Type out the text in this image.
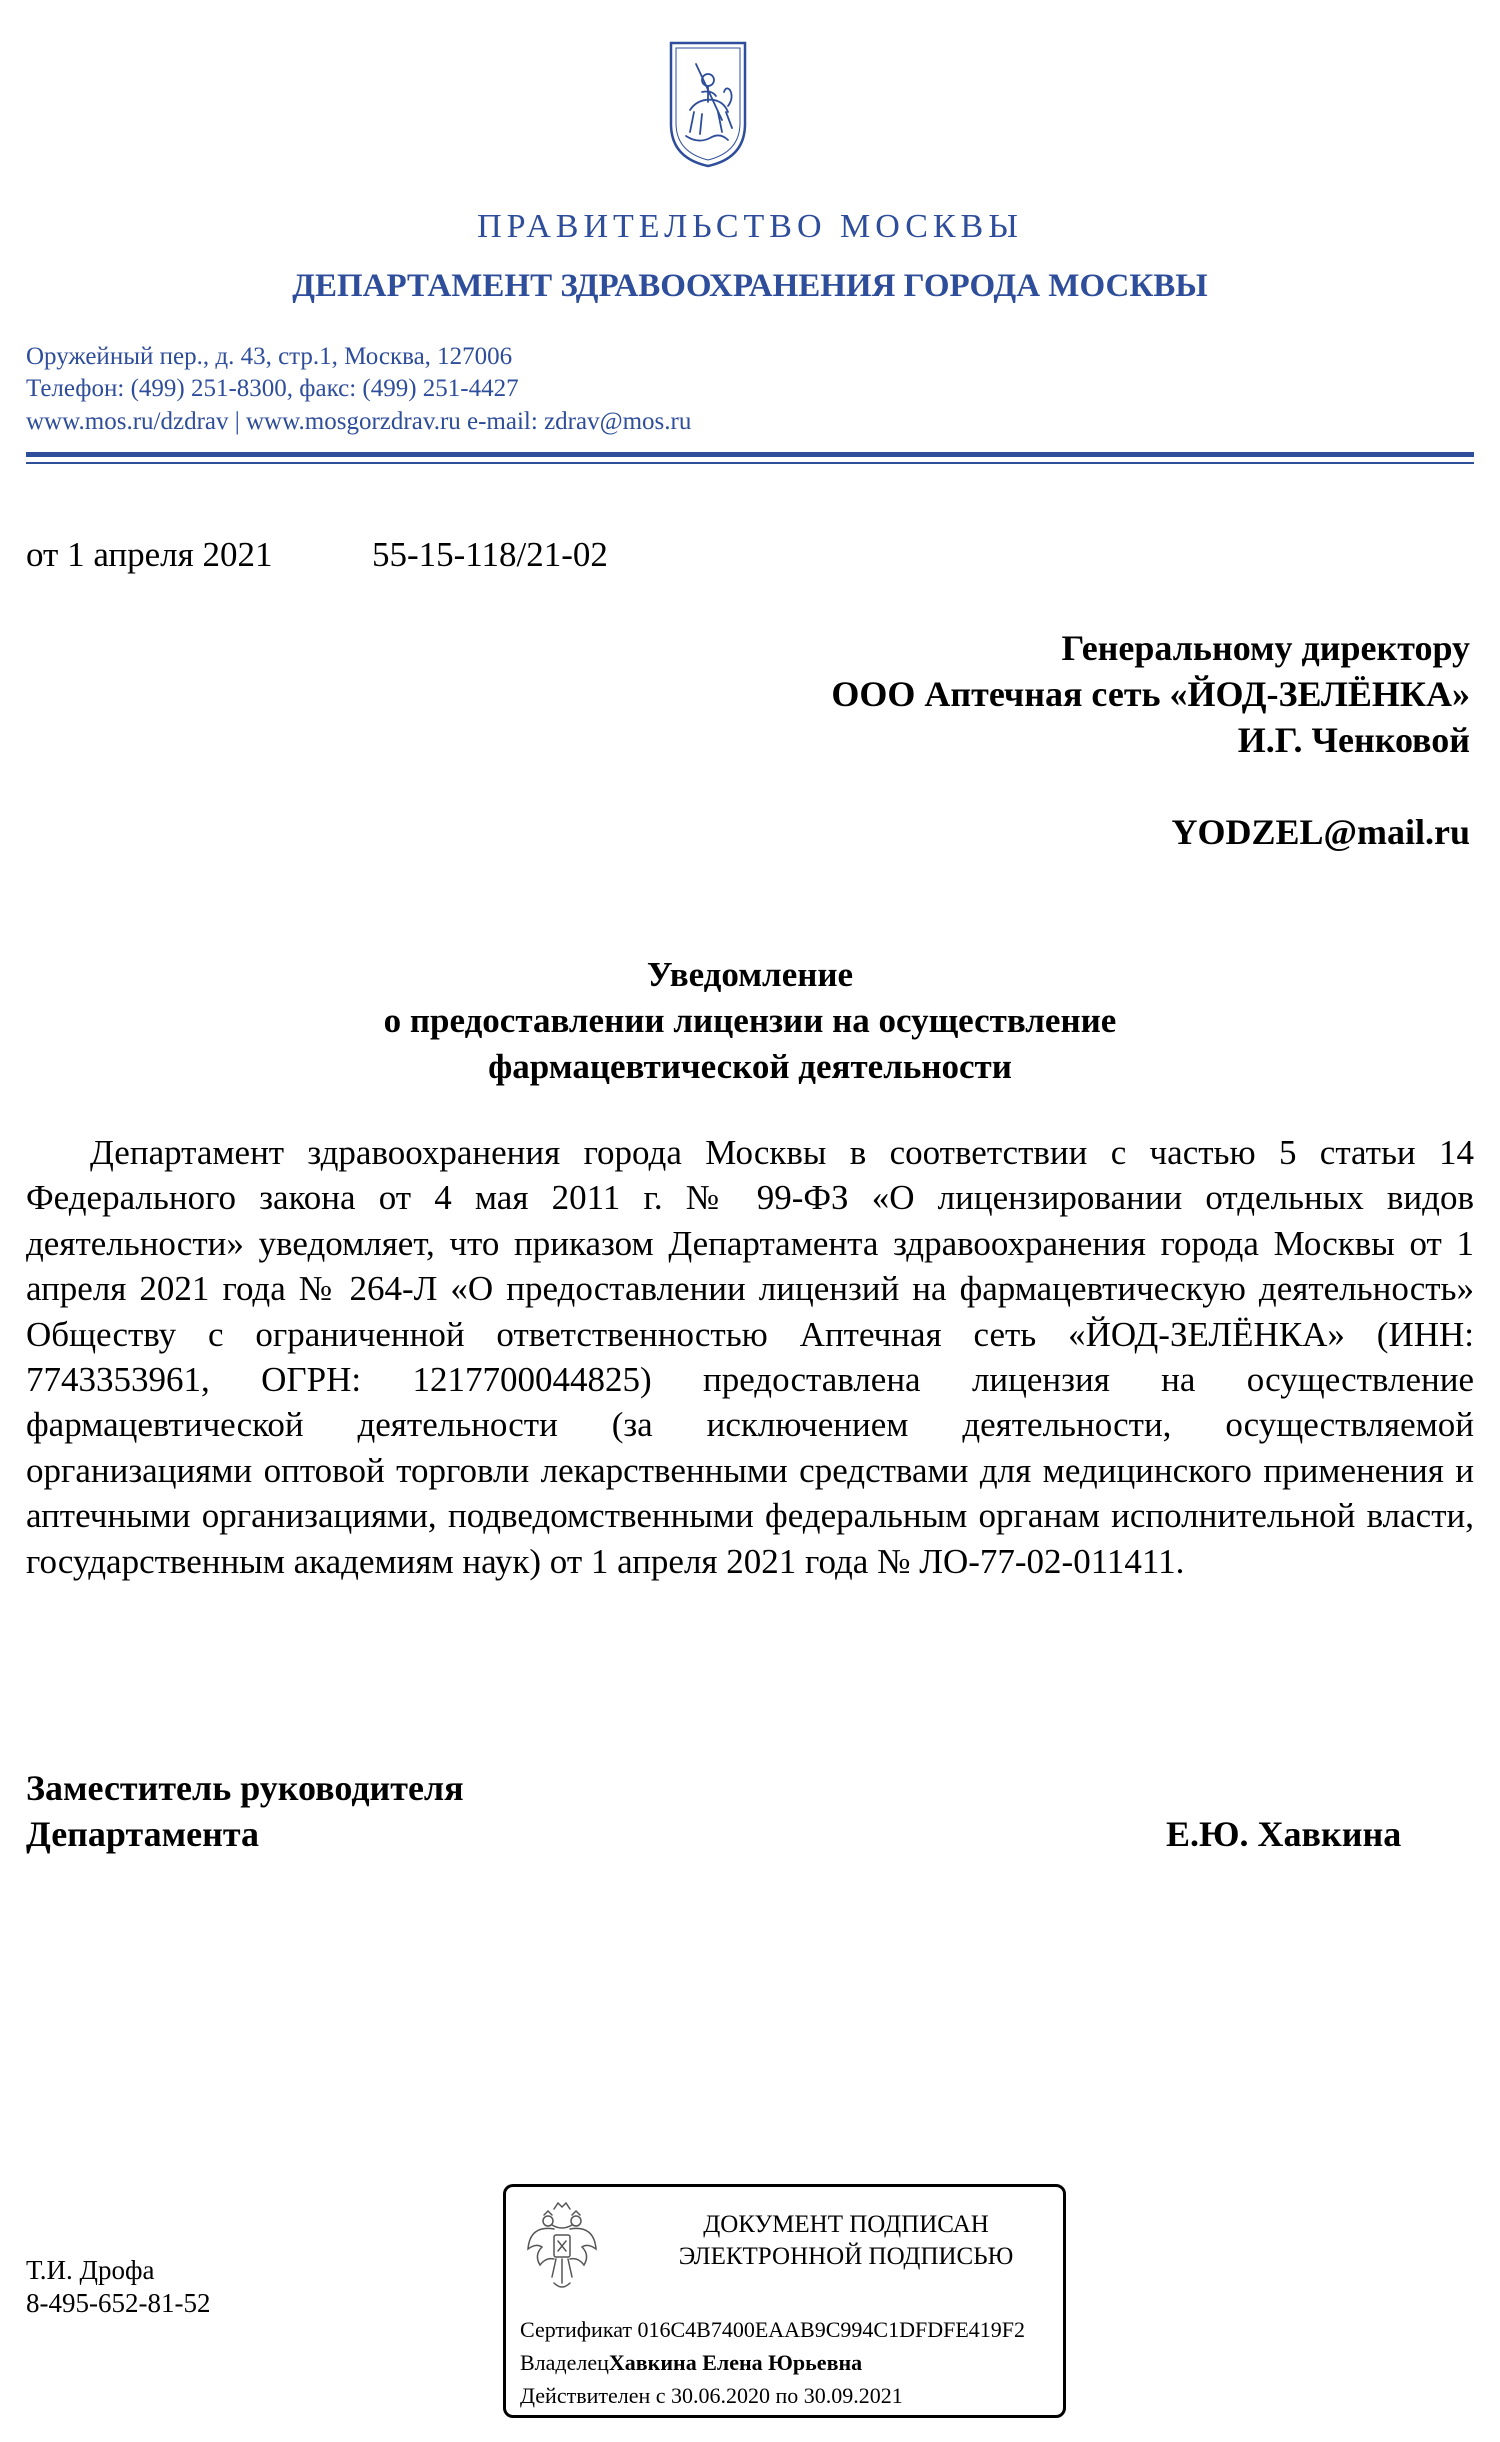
ПРАВИТЕЛЬСТВО МОСКВЫ
ДЕПАРТАМЕНТ ЗДРАВООХРАНЕНИЯ ГОРОДА МОСКВЫ
Оружейный пер., д. 43, стр.1, Москва, 127006
Телефон: (499) 251-8300, факс: (499) 251-4427
www.mos.ru/dzdrav | www.mosgorzdrav.ru e-mail: zdrav@mos.ru
от 1 апреля 2021	55-15-118/21-02
Генеральному директору
ООО Аптечная сеть «ЙОД-ЗЕЛЁНКА»
И.Г. Ченковой
YODZEL@mail.ru
Уведомление
о предоставлении лицензии на осуществление
фармацевтической деятельности

Департамент здравоохранения города Москвы в соответствии с частью 5 статьи 14 Федерального закона от 4 мая 2011 г. № 99-ФЗ «О лицензировании отдельных видов деятельности» уведомляет, что приказом Департамента здравоохранения города Москвы от 1 апреля 2021 года № 264-Л «О предоставлении лицензий на фармацевтическую деятельность» Обществу с ограниченной ответственностью Аптечная сеть «ЙОД-ЗЕЛЁНКА» (ИНН: 7743353961, ОГРН: 1217700044825) предоставлена лицензия на осуществление фармацевтической деятельности (за исключением деятельности, осуществляемой организациями оптовой торговли лекарственными средствами для медицинского применения и аптечными организациями, подведомственными федеральным органам исполнительной власти, государственным академиям наук) от 1 апреля 2021 года № ЛО-77-02-011411.

Заместитель руководителя
Департамента	Е.Ю. Хавкина
Т.И. Дрофа
8-495-652-81-52
ДОКУМЕНТ ПОДПИСАН
ЭЛЕКТРОННОЙ ПОДПИСЬЮ
Сертификат 016C4B7400EAAB9C994C1DFDFE419F2
ВладелецХавкина Елена Юрьевна
Действителен с 30.06.2020 по 30.09.2021
